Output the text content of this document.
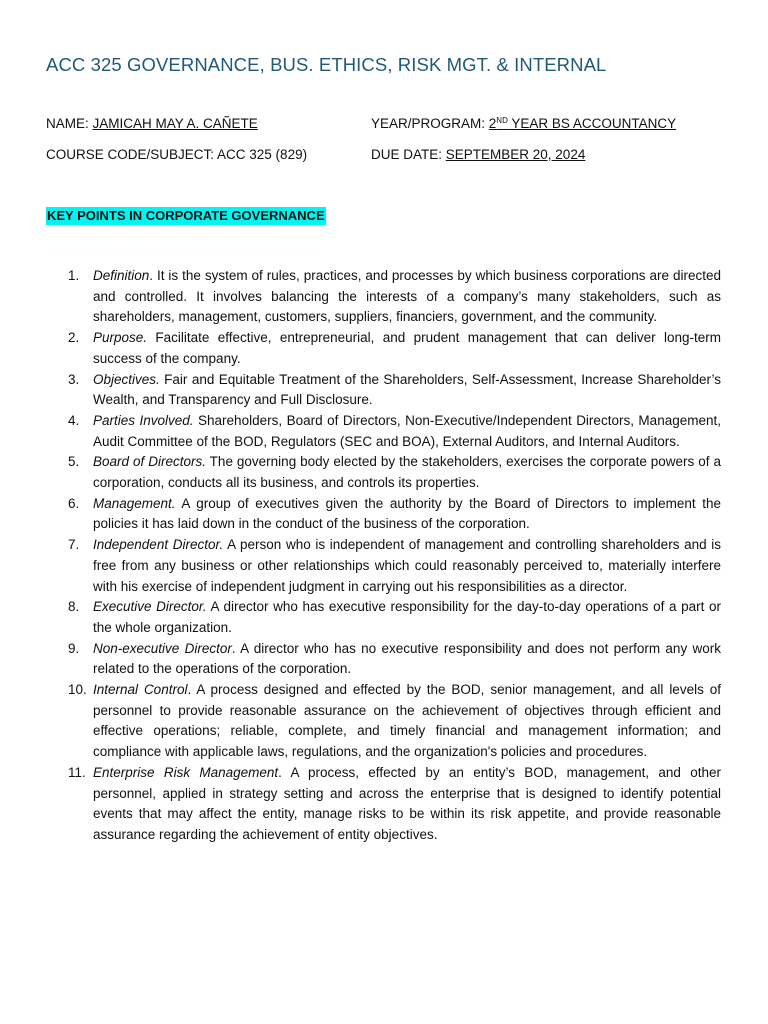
ACC 325 GOVERNANCE, BUS. ETHICS, RISK MGT. & INTERNAL
NAME: JAMICAH MAY A. CAÑETE	YEAR/PROGRAM: 2ND YEAR BS ACCOUNTANCY
COURSE CODE/SUBJECT: ACC 325 (829)	DUE DATE: SEPTEMBER 20, 2024
KEY POINTS IN CORPORATE GOVERNANCE
1. Definition. It is the system of rules, practices, and processes by which business corporations are directed and controlled. It involves balancing the interests of a company’s many stakeholders, such as shareholders, management, customers, suppliers, financiers, government, and the community.
2. Purpose. Facilitate effective, entrepreneurial, and prudent management that can deliver long-term success of the company.
3. Objectives. Fair and Equitable Treatment of the Shareholders, Self-Assessment, Increase Shareholder’s Wealth, and Transparency and Full Disclosure.
4. Parties Involved. Shareholders, Board of Directors, Non-Executive/Independent Directors, Management, Audit Committee of the BOD, Regulators (SEC and BOA), External Auditors, and Internal Auditors.
5. Board of Directors. The governing body elected by the stakeholders, exercises the corporate powers of a corporation, conducts all its business, and controls its properties.
6. Management. A group of executives given the authority by the Board of Directors to implement the policies it has laid down in the conduct of the business of the corporation.
7. Independent Director. A person who is independent of management and controlling shareholders and is free from any business or other relationships which could reasonably perceived to, materially interfere with his exercise of independent judgment in carrying out his responsibilities as a director.
8. Executive Director. A director who has executive responsibility for the day-to-day operations of a part or the whole organization.
9. Non-executive Director. A director who has no executive responsibility and does not perform any work related to the operations of the corporation.
10. Internal Control. A process designed and effected by the BOD, senior management, and all levels of personnel to provide reasonable assurance on the achievement of objectives through efficient and effective operations; reliable, complete, and timely financial and management information; and compliance with applicable laws, regulations, and the organization's policies and procedures.
11. Enterprise Risk Management. A process, effected by an entity’s BOD, management, and other personnel, applied in strategy setting and across the enterprise that is designed to identify potential events that may affect the entity, manage risks to be within its risk appetite, and provide reasonable assurance regarding the achievement of entity objectives.
